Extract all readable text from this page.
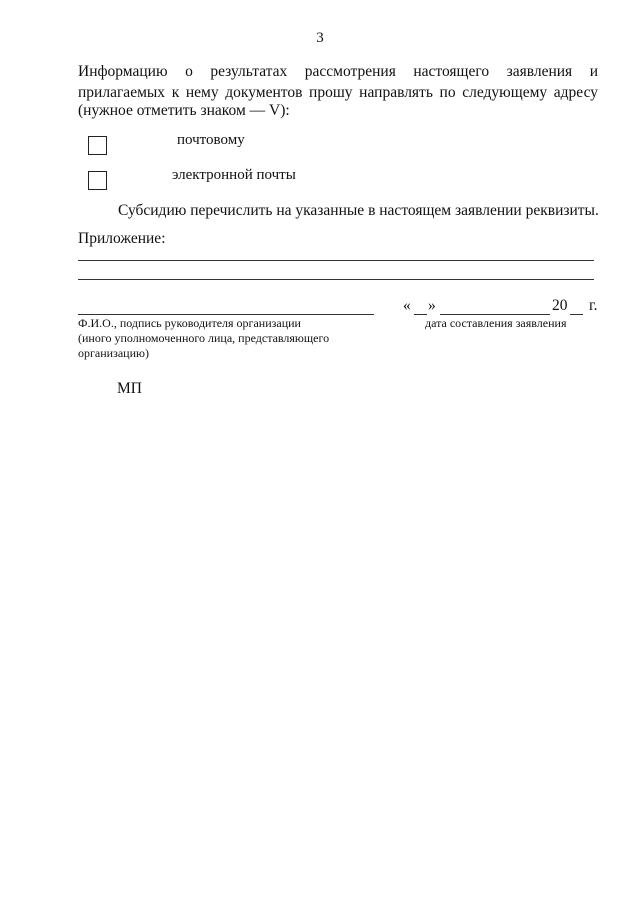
3
Информацию о результатах рассмотрения настоящего заявления и
прилагаемых к нему документов прошу направлять по следующему адресу
(нужное отметить знаком — V):
почтовому
электронной почты
Субсидию перечислить на указанные в настоящем заявлении реквизиты.
Приложение:
Ф.И.О., подпись руководителя организации
(иного уполномоченного лица, представляющего
организацию)
« »	20 г.
дата составления заявления
МП
